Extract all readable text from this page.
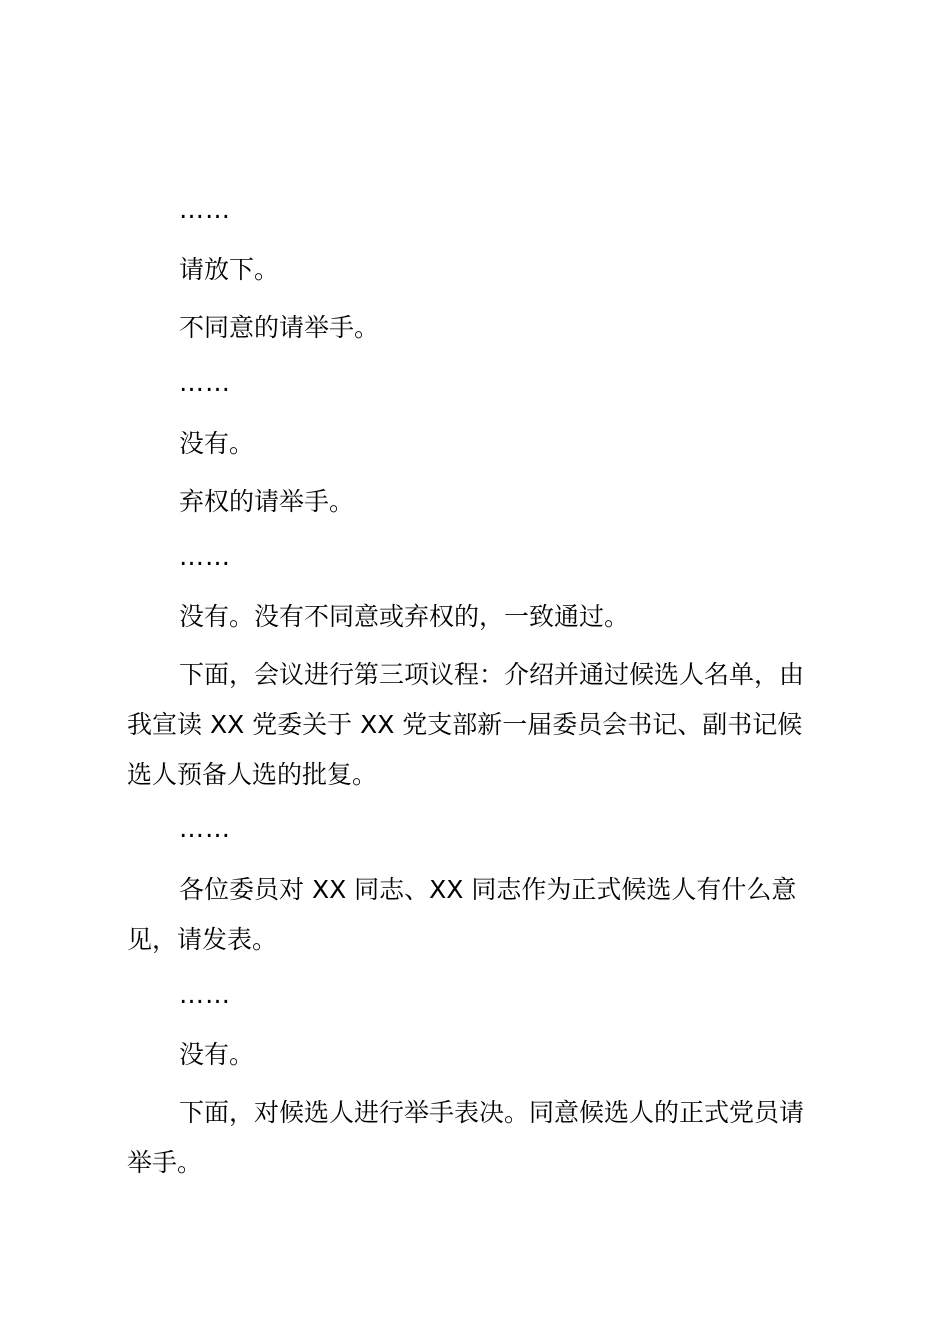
……

请放下。

不同意的请举手。

……

没有。

弃权的请举手。

……

没有。没有不同意或弃权的，一致通过。

下面，会议进行第三项议程：介绍并通过候选人名单，由我宣读 XX 党委关于 XX 党支部新一届委员会书记、副书记候选人预备人选的批复。

……

各位委员对 XX 同志、XX 同志作为正式候选人有什么意见，请发表。

……

没有。

下面，对候选人进行举手表决。同意候选人的正式党员请举手。
